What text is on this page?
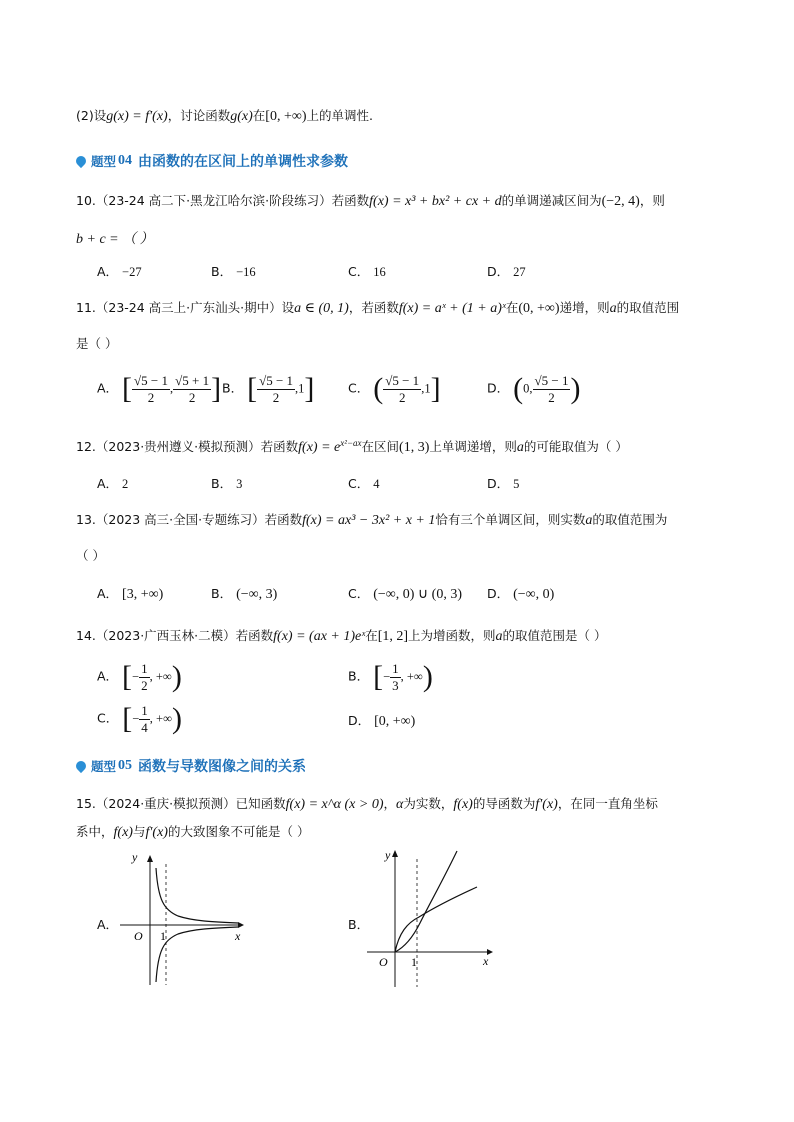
(2)设g(x) = f′(x)，讨论函数g(x)在[0, +∞)上的单调性.
题型 04 由函数的在区间上的单调性求参数
10.（23-24 高二下·黑龙江哈尔滨·阶段练习）若函数f(x) = x³ + bx² + cx + d的单调递减区间为(−2, 4)，则
b + c = （ ）
A． −27	B． −16	C． 16	D． 27
11.（23-24 高三上·广东汕头·期中）设a ∈ (0, 1)，若函数f(x) = aˣ + (1 + a)ˣ在(0, +∞)递增，则a的取值范围
是（ ）
A． [ $\frac{√5 - 1}{2}$ , $\frac{√5 + 1}{2}$ ] B． [ $\frac{√5 - 1}{2} ,1$]	C． ( $\frac{√5 - 1}{2} ,1$]	D． (0, $\frac{√5 - 1}{2}$ )
12.（2023·贵州遵义·模拟预测）若函数$f(x) = e^{x^2-ax}$在区间(1, 3)上单调递增，则a的可能取值为（ ）
A． 2	B． 3	C． 4	D． 5
13.（2023 高三·全国·专题练习）若函数f(x) = ax³ − 3x² + x + 1恰有三个单调区间，则实数a的取值范围为
（ ）
A． [3, +∞)	B． (−∞, 3)	C． (−∞, 0) ∪ (0, 3) D． (−∞, 0)
14.（2023·广西玉林·二模）若函数f(x) = (ax + 1)eˣ在[1, 2]上为增函数，则a的取值范围是（ ）
A． [− $\frac{1}{2}$ , +∞)	B． [− $\frac{1}{3}$ , +∞)
C． [− $\frac{1}{4}$ , +∞)	D． [0, +∞)
题型 05 函数与导数图像之间的关系
15.（2024·重庆·模拟预测）已知函数f(x) = x^α (x > 0)，α为实数，f(x)的导函数为f′(x)，在同一直角坐标
系中，f(x)与f′(x)的大致图象不可能是（ ）
A．
x
y
O 1
B．
x
y
O 1
